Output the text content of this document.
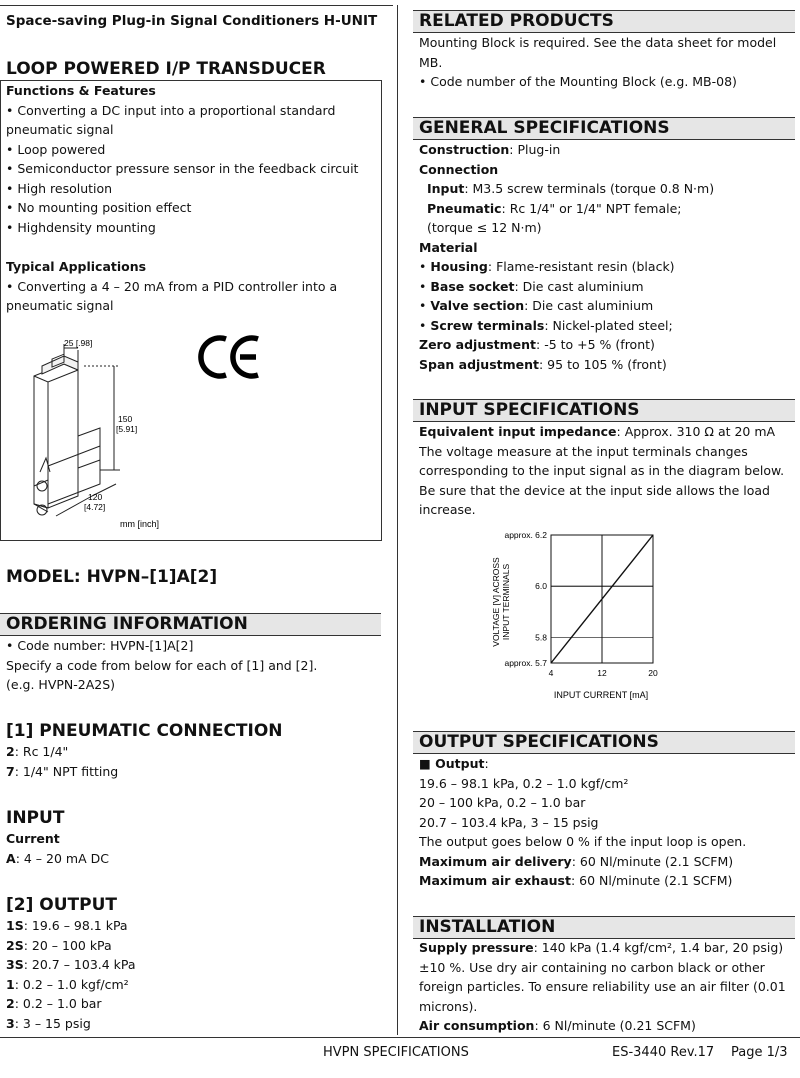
Space-saving Plug-in Signal Conditioners H-UNIT
LOOP POWERED I/P TRANSDUCER

Functions & Features

• Converting a DC input into a proportional standard

pneumatic signal

• Loop powered

• Semiconductor pressure sensor in the feedback circuit

• High resolution

• No mounting position effect

• Highdensity mounting

Typical Applications

• Converting a 4 – 20 mA from a PID controller into a

pneumatic signal

25 [.98]
150
[5.91]
120
[4.72]
mm [inch]
MODEL: HVPN–[1]A[2]
ORDERING INFORMATION

• Code number: HVPN-[1]A[2]

Specify a code from below for each of [1] and [2].

(e.g. HVPN-2A2S)

[1] PNEUMATIC CONNECTION

2: Rc 1/4"

7: 1/4" NPT fitting

INPUT

Current

A: 4 – 20 mA DC

[2] OUTPUT

1S: 19.6 – 98.1 kPa

2S: 20 – 100 kPa

3S: 20.7 – 103.4 kPa

1: 0.2 – 1.0 kgf/cm²

2: 0.2 – 1.0 bar

3: 3 – 15 psig

RELATED PRODUCTS

Mounting Block is required. See the data sheet for model

MB.

• Code number of the Mounting Block (e.g. MB-08)

GENERAL SPECIFICATIONS

Construction: Plug-in

Connection

Input: M3.5 screw terminals (torque 0.8 N·m)

Pneumatic: Rc 1/4" or 1/4" NPT female;

(torque ≤ 12 N·m)

Material

• Housing: Flame-resistant resin (black)

• Base socket: Die cast aluminium

• Valve section: Die cast aluminium

• Screw terminals: Nickel-plated steel;

Zero adjustment: -5 to +5 % (front)

Span adjustment: 95 to 105 % (front)

INPUT SPECIFICATIONS

Equivalent input impedance: Approx. 310 Ω at 20 mA

The voltage measure at the input terminals changes

corresponding to the input signal as in the diagram below.

Be sure that the device at the input side allows the load

increase.

approx. 5.7
5.8
6.0
approx. 6.2
4	12	20
INPUT CURRENT [mA]
VOLTAGE [V] ACROSS INPUT TERMINALS
OUTPUT SPECIFICATIONS

■ Output:

19.6 – 98.1 kPa, 0.2 – 1.0 kgf/cm²

20 – 100 kPa, 0.2 – 1.0 bar

20.7 – 103.4 kPa, 3 – 15 psig

The output goes below 0 % if the input loop is open.

Maximum air delivery: 60 Nl/minute (2.1 SCFM)

Maximum air exhaust: 60 Nl/minute (2.1 SCFM)

INSTALLATION

Supply pressure: 140 kPa (1.4 kgf/cm², 1.4 bar, 20 psig)

±10 %. Use dry air containing no carbon black or other

foreign particles. To ensure reliability use an air filter (0.01

microns).

Air consumption: 6 Nl/minute (0.21 SCFM)

HVPN SPECIFICATIONS	ES-3440 Rev.17 Page 1/3
